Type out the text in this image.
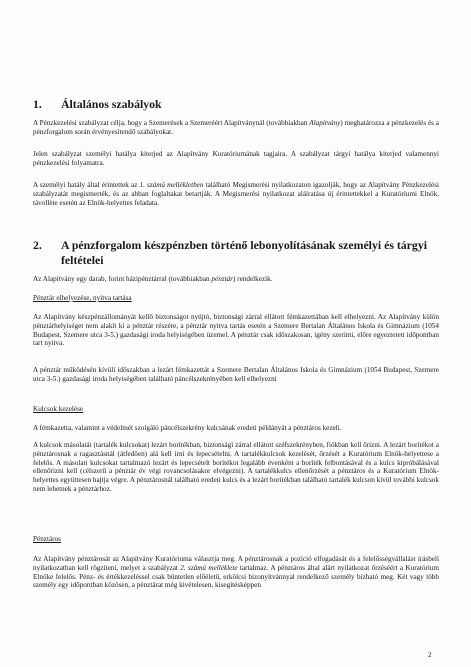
1. Általános szabályok

A Pénzkezelési szabályzat célja, hogy a Szemerések a Szemeréért Alapítványnál (továbbiakban Alapítvány) meghatározza a pénzkezelés és a pénzforgalom során érvényesítendő szabályokat.

Jelen szabályzat személyi hatálya kiterjed az Alapítvány Kuratóriumának tagjaira. A szabályzat tárgyi hatálya kiterjed valamennyi pénzkezelési folyamatra.

A személyi hatály által érintettek az 1. számú mellékletben található Megismerési nyilatkozaton igazolják, hogy az Alapítvány Pénzkezelési szabályzatát megismerték, és az abban foglaltakat betartják. A Megismerési nyilatkozat aláíratása új érintettekkel a Kuratóriumi Elnök, távollète esetén az Elnök-helyettes feladata.

2.	A pénzforgalom készpénzben történő lebonyolításának személyi és tárgyi feltételei

Az Alapítvány egy darab, forint házipénztárral (továbbiakban pénztár) rendelkezik.

Pénztár elhelyezése, nyitva tartása

Az Alapítvány készpénzállományát kellő biztonságot nyújtó, biztonsági zárral ellátott fémkazettában kell elhelyezni. Az Alapítvány külön pénztárhelyiséget nem alakít ki a pénztár részére, a pénztár nyitva tartás esetén a Szemere Bertalan Általános Iskola és Gimnázium (1054 Budapest, Szemere utca 3-5.) gazdasági iroda helyiségében üzemel. A pénztár csak időszakosan, igény szerinti, előre egyeztetett időpontban tart nyitva.

A pénztár működésén kívüli időszakban a lezárt fémkazettát a Szemere Bertalan Általános Iskola és Gimnázium (1054 Budapest, Szemere utca 3-5.) gazdasági iroda helyiségében található páncélszekrényében kell elhelyezni

Kulcsok kezelése

A fémkazetta, valamint a védelmét szolgáló páncélszekrény kulcsának eredeti példányát a pénztáros kezeli.

A kulcsok másolatát (tartalék kulcsokat) lezárt borítékban, biztonsági zárral ellátott széfszekrényben, fiókban kell őrizni. A lezárt borítékot a pénztárosnak a ragasztásnál (átfedően) alá kell írni és lepecsételni. A tartalékkulcsok kezelését, őrzését a Kuratórium Elnök-helyettese a felelős. A másolati kulcsokat tartalmazó lezárt és lepecsételt borítékot legalább évenként a boríték felbontásával és a kulcs kipróbálásával ellenőrizni kell (célszerű a pénztár év végi rovancsolásakor elvégezni). A tartalékkulcs ellenőrzését a pénztáros és a Kuratórium Elnök-helyettes együttesen hajtja végre. A pénztárosnál található eredeti kulcs és a lezárt borítékban található tartalék kulcson kívül további kulcsok nem lehetnek a pénztárhoz.

Pénztáros

Az Alapítvány pénztárosát az Alapítvány Kuratóriuma választja meg. A pénztárosnak a pozíció elfogadását és a felelősségvállalást írásbeli nyilatkozatban kell rögzíteni, melyet a szabályzat 2. számú melléklete tartalmaz. A pénztáros által alárt nyilatkozat őrzéséért a Kuratórium Elnöke felelős. Pénz- és értékkezeléssel csak büntetlen előéletű, erkölcsi bizonyítvánnyal rendelkező személy bízható meg. Két vagy több személy egy időpontban közösen, a pénztárat még kivételesen, kisegítésképpen

2
